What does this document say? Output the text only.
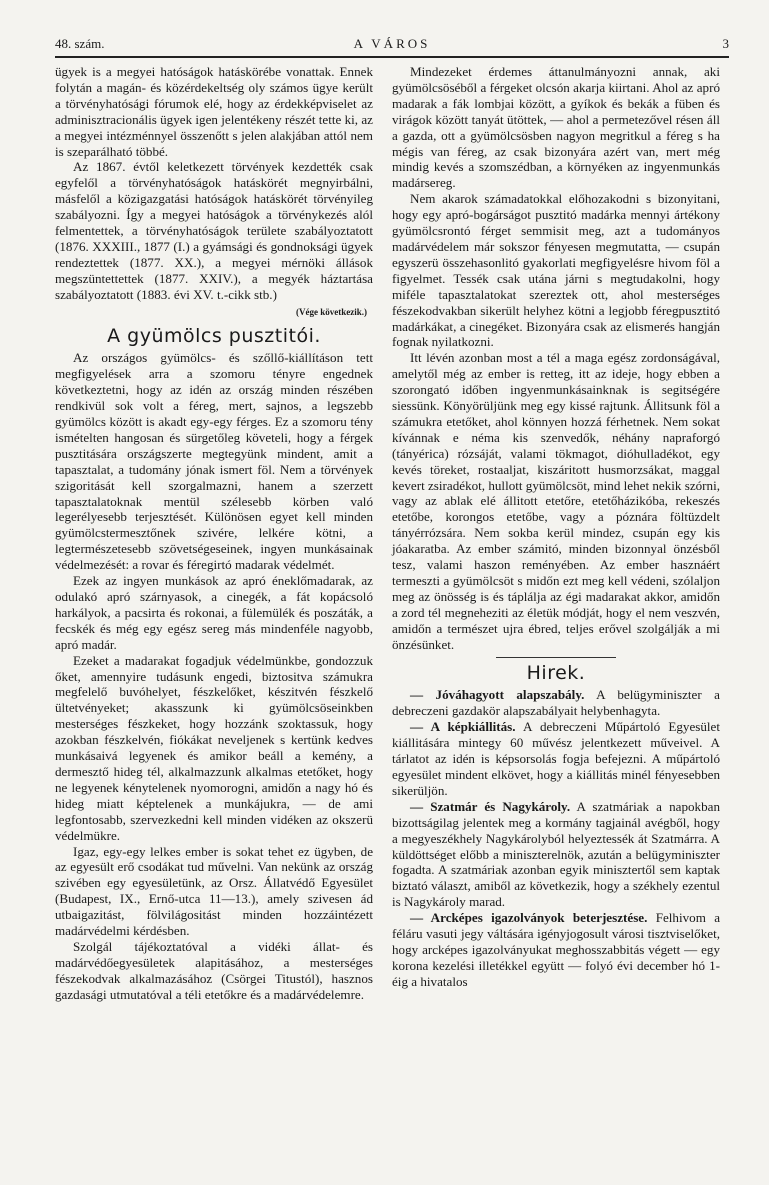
48. szám.	A VÁROS	3

ügyek is a megyei hatóságok hatáskörébe vonattak. Ennek folytán a magán- és közérdekeltség oly számos ügye került a törvényhatósági fórumok elé, hogy az érdekképviselet az adminisztracionális ügyek igen jelentékeny részét tette ki, az a megyei intézménnyel összenőtt s jelen alakjában attól nem is szeparálható többé.

Az 1867. évtől keletkezett törvények kezdették csak egyfelől a törvényhatóságok hatáskörét megnyirbálni, másfelől a közigazgatási hatóságok hatáskörét törvényileg szabályozni. Így a megyei hatóságok a törvénykezés alól felmentettek, a törvényhatóságok területe szabályoztatott (1876. XXXIII., 1877 (I.) a gyámsági és gondnoksági ügyek rendeztettek (1877. XX.), a megyei mérnöki állások megszüntettettek (1877. XXIV.), a megyék háztartása szabályoztatott (1883. évi XV. t.-cikk stb.)

(Vége következik.)
A gyümölcs pusztitói.

Az országos gyümölcs- és szőllő-kiállításon tett megfigyelések arra a szomoru tényre engednek következtetni, hogy az idén az ország minden részében rendkivül sok volt a féreg, mert, sajnos, a legszebb gyümölcs között is akadt egy-egy férges. Ez a szomoru tény ismételten hangosan és sürgetőleg követeli, hogy a férgek pusztitására országszerte megtegyünk mindent, amit a tapasztalat, a tudomány jónak ismert föl. Nem a törvények szigoritását kell szorgalmazni, hanem a szerzett tapasztalatoknak mentül szélesebb körben való legerélyesebb terjesztését. Különösen egyet kell minden gyümölcstermesztőnek szivére, lelkére kötni, a legtermészetesebb szövetségeseinek, ingyen munkásainak védelmezését: a rovar és féregirtó madarak védelmét.

Ezek az ingyen munkások az apró éneklőmadarak, az odulakó apró szárnyasok, a cinegék, a fát kopácsoló harkályok, a pacsirta és rokonai, a fülemülék és poszáták, a fecskék és még egy egész sereg más mindenféle nagyobb, apró madár.

Ezeket a madarakat fogadjuk védelmünkbe, gondozzuk őket, amennyire tudásunk engedi, biztositva számukra megfelelő buvóhelyet, fészkelőket, készitvén fészkelő ültetvényeket; akasszunk ki gyümölcsöseinkben mesterséges fészkeket, hogy hozzánk szoktassuk, hogy azokban fészkelvén, fiókákat neveljenek s kertünk kedves munkásaivá legyenek és amikor beáll a kemény, a dermesztő hideg tél, alkalmazzunk alkalmas etetőket, hogy ne legyenek kénytelenek nyomorogni, amidőn a nagy hó és hideg miatt képtelenek a munkájukra, — de ami legfontosabb, szervezkedni kell minden vidéken az okszerü védelmükre.

Igaz, egy-egy lelkes ember is sokat tehet ez ügyben, de az egyesült erő csodákat tud művelni. Van nekünk az ország szivében egy egyesületünk, az Orsz. Állatvédő Egyesület (Budapest, IX., Ernő-utca 11—13.), amely szivesen ád utbaigazitást, fölvilágositást minden hozzáintézett madárvédelmi kérdésben.

Szolgál tájékoztatóval a vidéki állat- és madárvédőegyesületek alapitásához, a mesterséges fészekodvak alkalmazásához (Csörgei Titustól), hasznos gazdasági utmutatóval a téli etetőkre és a madárvédelemre.

Mindezeket érdemes áttanulmányozni annak, aki gyümölcsöséből a férgeket olcsón akarja kiirtani. Ahol az apró madarak a fák lombjai között, a gyíkok és bekák a füben és virágok között tanyát ütöttek, — ahol a permetezővel résen áll a gazda, ott a gyümölcsösben nagyon megritkul a féreg s ha mégis van féreg, az csak bizonyára azért van, mert még mindig kevés a szomszédban, a környéken az ingyenmunkás madársereg.

Nem akarok számadatokkal előhozakodni s bizonyitani, hogy egy apró-bogárságot pusztitó madárka mennyi ártékony gyümölcsrontó férget semmisit meg, azt a tudományos madárvédelem már sokszor fényesen megmutatta, — csupán egyszerü összehasonlitó gyakorlati megfigyelésre hivom föl a figyelmet. Tessék csak utána járni s megtudakolni, hogy miféle tapasztalatokat szereztek ott, ahol mesterséges fészekodvakban sikerült helyhez kötni a legjobb féregpusztitó madárkákat, a cinegéket. Bizonyára csak az elismerés hangján fognak nyilatkozni.

Itt lévén azonban most a tél a maga egész zordonságával, amelytől még az ember is retteg, itt az ideje, hogy ebben a szorongató időben ingyenmunkásainknak is segitségére siessünk. Könyörüljünk meg egy kissé rajtunk. Állitsunk föl a számukra etetőket, ahol könnyen hozzá férhetnek. Nem sokat kívánnak e néma kis szenvedők, néhány napraforgó (tányérica) rózsáját, valami tökmagot, dióhulladékot, egy kevés töreket, rostaaljat, kiszáritott husmorzsákat, maggal kevert zsiradékot, hullott gyümölcsöt, mind lehet nekik szórni, vagy az ablak elé állitott etetőre, etetőházikóba, rekeszés etetőbe, korongos etetőbe, vagy a póznára föltüzdelt tányérrózsára. Nem sokba kerül mindez, csupán egy kis jóakaratba. Az ember számitó, minden bizonnyal önzésből tesz, valami haszon reményében. Az ember hasznáért termeszti a gyümölcsöt s midőn ezt meg kell védeni, szólaljon meg az önösség is és táplálja az égi madarakat akkor, amidőn a zord tél megneheziti az életük módját, hogy el nem veszvén, amidőn a természet ujra ébred, teljes erővel szolgálják a mi önzésünket.

Hirek.

— Jóváhagyott alapszabály. A belügyminiszter a debreczeni gazdakör alapszabályait helybenhagyta.

— A képkiállitás. A debreczeni Műpártoló Egyesület kiállitására mintegy 60 művész jelentkezett műveivel. A tárlatot az idén is képsorsolás fogja befejezni. A műpártoló egyesület mindent elkövet, hogy a kiállitás minél fényesebben sikerüljön.

— Szatmár és Nagykároly. A szatmáriak a napokban bizottságilag jelentek meg a kormány tagjainál avégből, hogy a megyeszékhely Nagykárolyból helyeztessék át Szatmárra. A küldöttséget előbb a miniszterelnök, azután a belügyminiszter fogadta. A szatmáriak azonban egyik minisztertől sem kaptak biztató választ, amiből az következik, hogy a székhely ezentul is Nagykároly marad.

— Arcképes igazolványok beterjesztése. Felhivom a féláru vasuti jegy váltására igényjogosult városi tisztviselőket, hogy arcképes igazolványukat meghosszabbitás végett — egy korona kezelési illetékkel együtt — folyó évi december hó 1-éig a hivatalos
